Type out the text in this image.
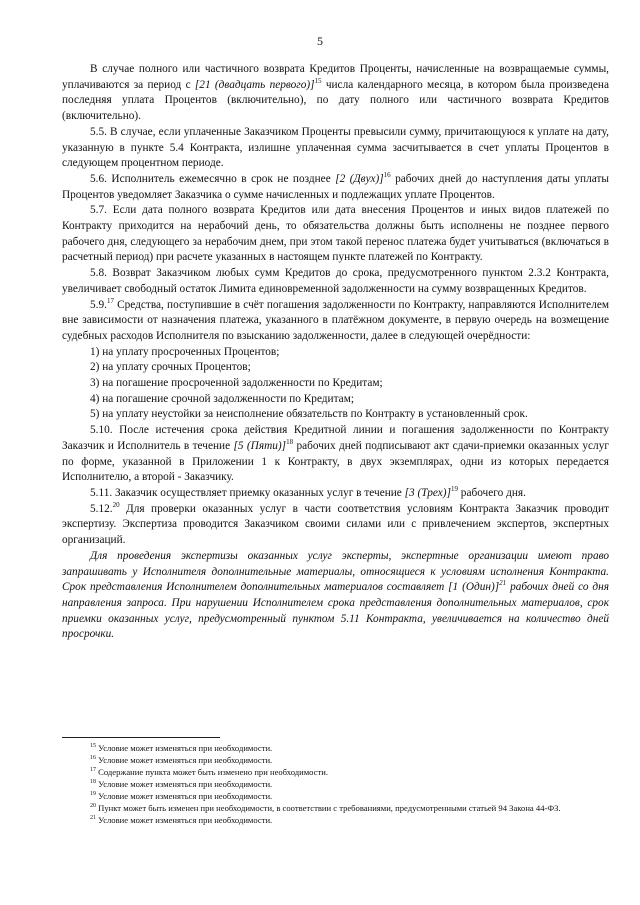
5

В случае полного или частичного возврата Кредитов Проценты, начисленные на возвращаемые суммы, уплачиваются за период с [21 (двадцать первого)]$^{15}$ числа календарного месяца, в котором была произведена последняя уплата Процентов (включительно), по дату полного или частичного возврата Кредитов (включительно).

5.5. В случае, если уплаченные Заказчиком Проценты превысили сумму, причитающуюся к уплате на дату, указанную в пункте 5.4 Контракта, излишне уплаченная сумма засчитывается в счет уплаты Процентов в следующем процентном периоде.

5.6. Исполнитель ежемесячно в срок не позднее [2 (Двух)]$^{16}$ рабочих дней до наступления даты уплаты Процентов уведомляет Заказчика о сумме начисленных и подлежащих уплате Процентов.

5.7. Если дата полного возврата Кредитов или дата внесения Процентов и иных видов платежей по Контракту приходится на нерабочий день, то обязательства должны быть исполнены не позднее первого рабочего дня, следующего за нерабочим днем, при этом такой перенос платежа будет учитываться (включаться в расчетный период) при расчете указанных в настоящем пункте платежей по Контракту.

5.8. Возврат Заказчиком любых сумм Кредитов до срока, предусмотренного пунктом 2.3.2 Контракта, увеличивает свободный остаток Лимита единовременной задолженности на сумму возвращенных Кредитов.

5.9.17 Средства, поступившие в счёт погашения задолженности по Контракту, направляются Исполнителем вне зависимости от назначения платежа, указанного в платёжном документе, в первую очередь на возмещение судебных расходов Исполнителя по взысканию задолженности, далее в следующей очерёдности:

1) на уплату просроченных Процентов;

2) на уплату срочных Процентов;

3) на погашение просроченной задолженности по Кредитам;

4) на погашение срочной задолженности по Кредитам;

5) на уплату неустойки за неисполнение обязательств по Контракту в установленный срок.

5.10. После истечения срока действия Кредитной линии и погашения задолженности по Контракту Заказчик и Исполнитель в течение [5 (Пяти)]$^{18}$ рабочих дней подписывают акт сдачи-приемки оказанных услуг по форме, указанной в Приложении 1 к Контракту, в двух экземплярах, одни из которых передается Исполнителю, а второй - Заказчику.

5.11. Заказчик осуществляет приемку оказанных услуг в течение [3 (Трех)]$^{19}$ рабочего дня.

5.12.20 Для проверки оказанных услуг в части соответствия условиям Контракта Заказчик проводит экспертизу. Экспертиза проводится Заказчиком своими силами или с привлечением экспертов, экспертных организаций.

Для проведения экспертизы оказанных услуг эксперты, экспертные организации имеют право запрашивать у Исполнителя дополнительные материалы, относящиеся к условиям исполнения Контракта. Срок представления Исполнителем дополнительных материалов составляет [1 (Один)]$^{21}$ рабочих дней со дня направления запроса. При нарушении Исполнителем срока представления дополнительных материалов, срок приемки оказанных услуг, предусмотренный пунктом 5.11 Контракта, увеличивается на количество дней просрочки.

$^{15}$ Условие может изменяться при необходимости.

$^{16}$ Условие может изменяться при необходимости.

$^{17}$ Содержание пункта может быть изменено при необходимости.

$^{18}$ Условие может изменяться при необходимости.

$^{19}$ Условие может изменяться при необходимости.

$^{20}$ Пункт может быть изменен при необходимости, в соответствии с требованиями, предусмотренными статьей 94 Закона 44-ФЗ.

$^{21}$ Условие может изменяться при необходимости.
